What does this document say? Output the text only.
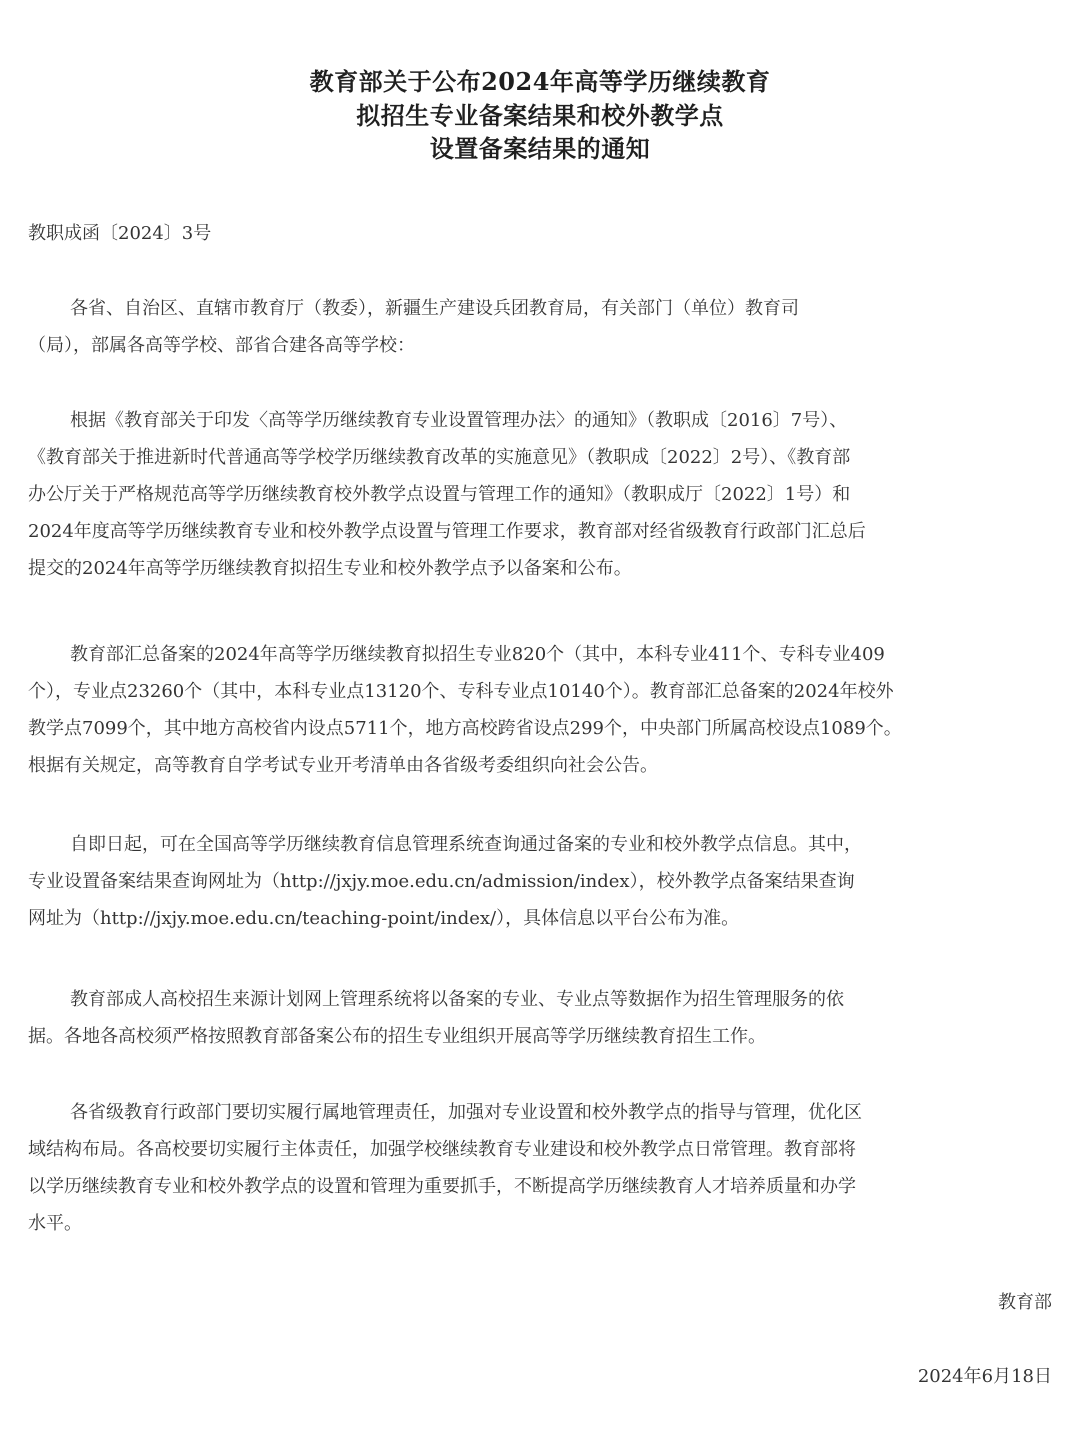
教育部关于公布2024年高等学历继续教育
拟招生专业备案结果和校外教学点
设置备案结果的通知
教职成函〔2024〕3号
各省、自治区、直辖市教育厅（教委），新疆生产建设兵团教育局，有关部门（单位）教育司
（局），部属各高等学校、部省合建各高等学校：
根据《教育部关于印发〈高等学历继续教育专业设置管理办法〉的通知》（教职成〔2016〕7号）、
《教育部关于推进新时代普通高等学校学历继续教育改革的实施意见》（教职成〔2022〕2号）、《教育部
办公厅关于严格规范高等学历继续教育校外教学点设置与管理工作的通知》（教职成厅〔2022〕1号）和
2024年度高等学历继续教育专业和校外教学点设置与管理工作要求，教育部对经省级教育行政部门汇总后
提交的2024年高等学历继续教育拟招生专业和校外教学点予以备案和公布。
教育部汇总备案的2024年高等学历继续教育拟招生专业820个（其中，本科专业411个、专科专业409
个），专业点23260个（其中，本科专业点13120个、专科专业点10140个）。教育部汇总备案的2024年校外
教学点7099个，其中地方高校省内设点5711个，地方高校跨省设点299个，中央部门所属高校设点1089个。
根据有关规定，高等教育自学考试专业开考清单由各省级考委组织向社会公告。
自即日起，可在全国高等学历继续教育信息管理系统查询通过备案的专业和校外教学点信息。其中，
专业设置备案结果查询网址为（http://jxjy.moe.edu.cn/admission/index），校外教学点备案结果查询
网址为（http://jxjy.moe.edu.cn/teaching-point/index/），具体信息以平台公布为准。
教育部成人高校招生来源计划网上管理系统将以备案的专业、专业点等数据作为招生管理服务的依
据。各地各高校须严格按照教育部备案公布的招生专业组织开展高等学历继续教育招生工作。
各省级教育行政部门要切实履行属地管理责任，加强对专业设置和校外教学点的指导与管理，优化区
域结构布局。各高校要切实履行主体责任，加强学校继续教育专业建设和校外教学点日常管理。教育部将
以学历继续教育专业和校外教学点的设置和管理为重要抓手，不断提高学历继续教育人才培养质量和办学
水平。
教育部
2024年6月18日
